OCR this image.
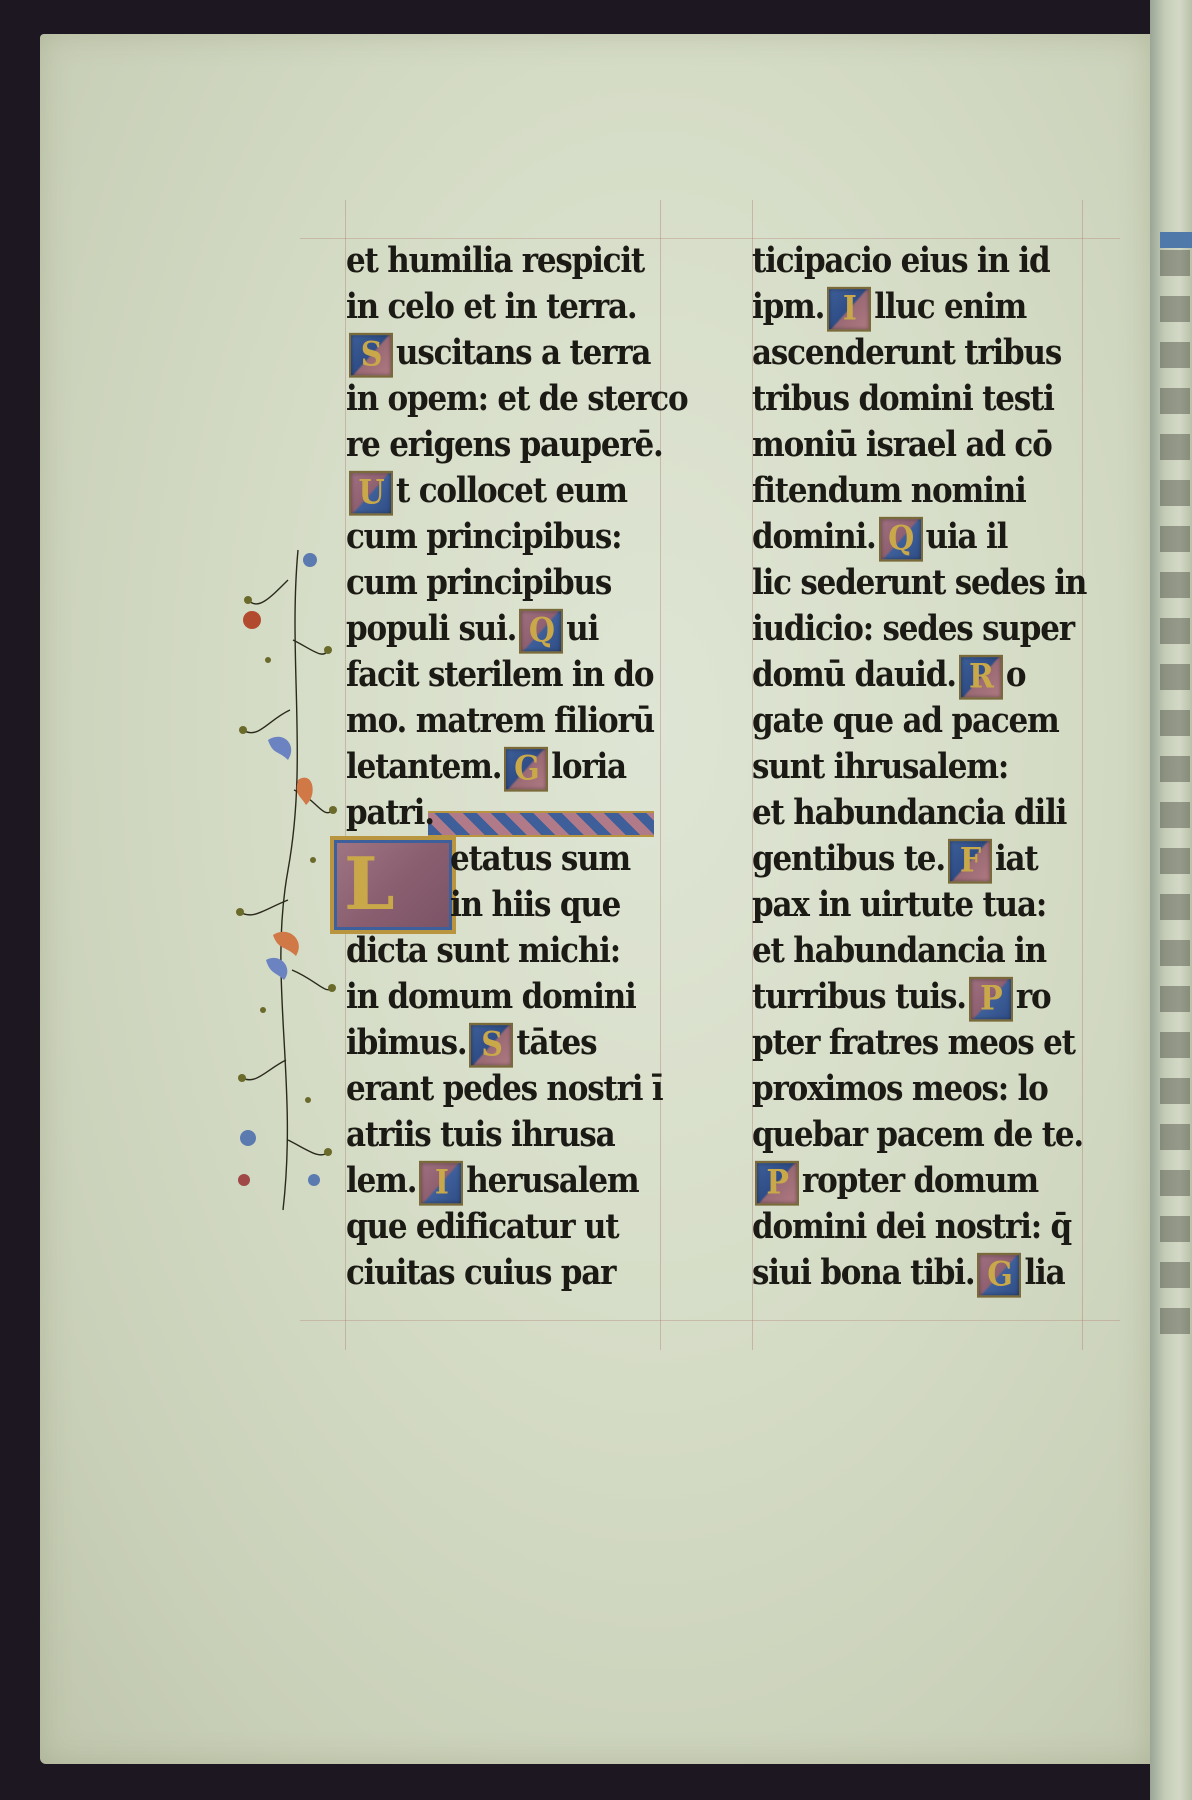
L
et humilia respicit
in celo et in terra.
S uscitans a terra
in opem: et de sterco
re erigens pauperē.
U t collocet eum
cum principibus:
cum principibus
populi sui. Q ui
facit sterilem in do
mo. matrem filiorū
letantem. G loria
patri.
etatus sum
in hiis que
dicta sunt michi:
in domum domini
ibimus. S tātes
erant pedes nostri ī
atriis tuis ihrusa
lem. I herusalem
que edificatur ut
ciuitas cuius par
ticipacio eius in id
ipm. I lluc enim
ascenderunt tribus
tribus domini testi
moniū israel ad cō
fitendum nomini
domini. Q uia il
lic sederunt sedes in
iudicio: sedes super
domū dauid. R o
gate que ad pacem
sunt ihrusalem:
et habundancia dili
gentibus te. F iat
pax in uirtute tua:
et habundancia in
turribus tuis. P ro
pter fratres meos et
proximos meos: lo
quebar pacem de te.
P ropter domum
domini dei nostri: q̄
siui bona tibi. G lia
